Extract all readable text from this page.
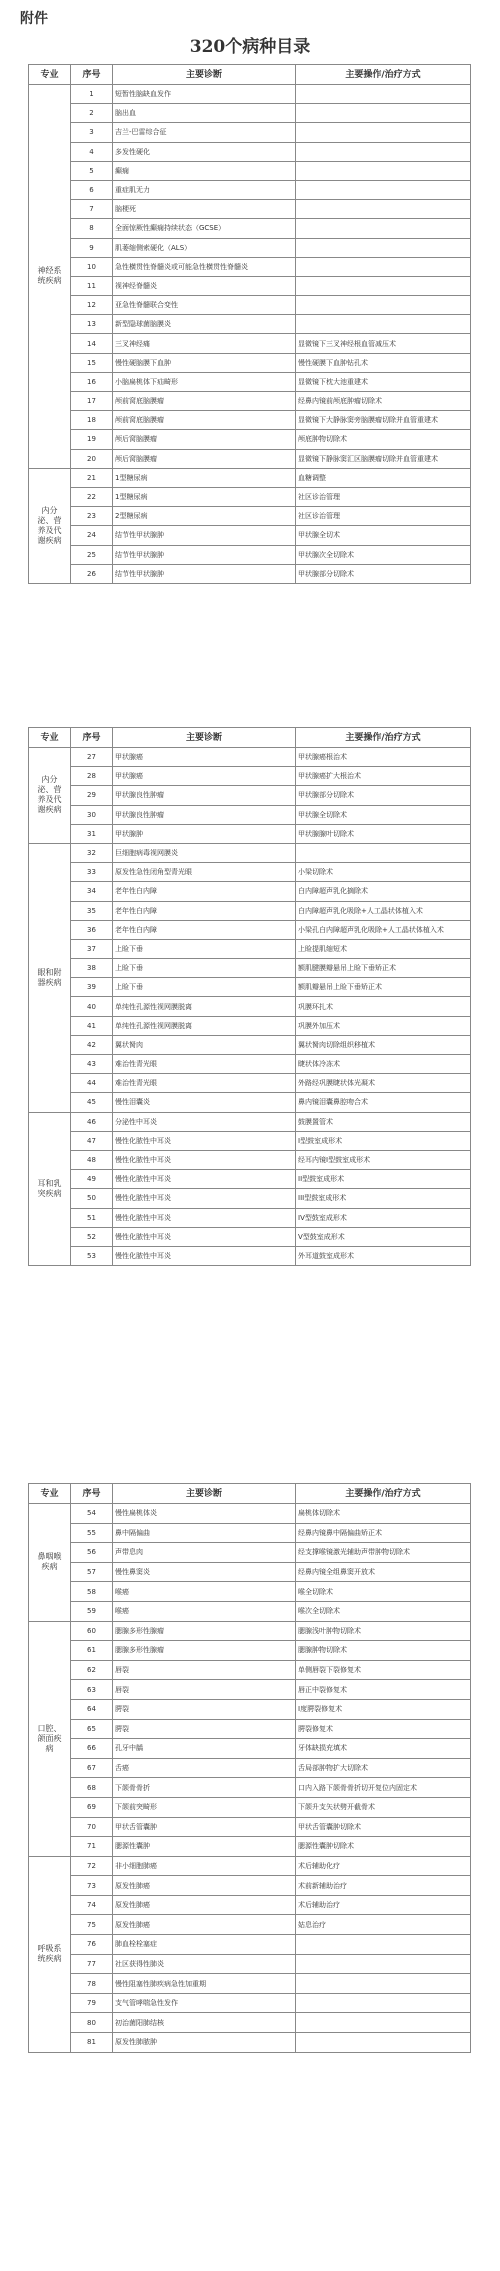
附件
320个病种目录
专业	序号	主要诊断	主要操作/治疗方式
神经系统疾病	1	短暂性脑缺血发作	
	2	脑出血	
	3	吉兰-巴雷综合征	
	4	多发性硬化	
	5	癫痫	
	6	重症肌无力	
	7	脑梗死	
	8	全面惊厥性癫痫持续状态（GCSE）	
	9	肌萎缩侧索硬化（ALS）	
	10	急性横贯性脊髓炎或可能急性横贯性脊髓炎	
	11	视神经脊髓炎	
	12	亚急性脊髓联合变性	
	13	新型隐球菌脑膜炎	
	14	三叉神经痛	显微镜下三叉神经根血管减压术
	15	慢性硬脑膜下血肿	慢性硬膜下血肿钻孔术
	16	小脑扁桃体下疝畸形	显微镜下枕大池重建术
	17	颅前窝底脑膜瘤	经鼻内镜前颅底肿瘤切除术
	18	颅前窝底脑膜瘤	显微镜下大静脉窦旁脑膜瘤切除并血管重建术
	19	颅后窝脑膜瘤	颅底肿物切除术
	20	颅后窝脑膜瘤	显微镜下静脉窦汇区脑膜瘤切除并血管重建术
内分泌、营养及代谢疾病	21	1型糖尿病	血糖调整
	22	1型糖尿病	社区诊治管理
	23	2型糖尿病	社区诊治管理
	24	结节性甲状腺肿	甲状腺全切术
	25	结节性甲状腺肿	甲状腺次全切除术
	26	结节性甲状腺肿	甲状腺部分切除术
专业	序号	主要诊断	主要操作/治疗方式
内分泌、营养及代谢疾病	27	甲状腺癌	甲状腺癌根治术
	28	甲状腺癌	甲状腺癌扩大根治术
	29	甲状腺良性肿瘤	甲状腺部分切除术
	30	甲状腺良性肿瘤	甲状腺全切除术
	31	甲状腺肿	甲状腺腺叶切除术
眼和附器疾病	32	巨细胞病毒视网膜炎	
	33	原发性急性闭角型青光眼	小梁切除术
	34	老年性白内障	白内障超声乳化摘除术
	35	老年性白内障	白内障超声乳化吸除+人工晶状体植入术
	36	老年性白内障	小梁孔白内障超声乳化吸除+人工晶状体植入术
	37	上睑下垂	上睑提肌缩短术
	38	上睑下垂	额肌腱膜瓣悬吊上睑下垂矫正术
	39	上睑下垂	额肌瓣悬吊上睑下垂矫正术
	40	单纯性孔源性视网膜脱离	巩膜环扎术
	41	单纯性孔源性视网膜脱离	巩膜外加压术
	42	翼状胬肉	翼状胬肉切除组织移植术
	43	难治性青光眼	睫状体冷冻术
	44	难治性青光眼	外路经巩膜睫状体光凝术
	45	慢性泪囊炎	鼻内镜泪囊鼻腔吻合术
耳和乳突疾病	46	分泌性中耳炎	鼓膜置管术
	47	慢性化脓性中耳炎	I型鼓室成形术
	48	慢性化脓性中耳炎	经耳内镜I型鼓室成形术
	49	慢性化脓性中耳炎	II型鼓室成形术
	50	慢性化脓性中耳炎	III型鼓室成形术
	51	慢性化脓性中耳炎	IV型鼓室成形术
	52	慢性化脓性中耳炎	V型鼓室成形术
	53	慢性化脓性中耳炎	外耳道鼓室成形术
专业	序号	主要诊断	主要操作/治疗方式
鼻咽喉疾病	54	慢性扁桃体炎	扁桃体切除术
	55	鼻中隔偏曲	经鼻内镜鼻中隔偏曲矫正术
	56	声带息肉	经支撑喉镜激光辅助声带肿物切除术
	57	慢性鼻窦炎	经鼻内镜全组鼻窦开放术
	58	喉癌	喉全切除术
	59	喉癌	喉次全切除术
口腔、颌面疾病	60	腮腺多形性腺瘤	腮腺浅叶肿物切除术
	61	腮腺多形性腺瘤	腮腺肿物切除术
	62	唇裂	单侧唇裂下裂修复术
	63	唇裂	唇正中裂修复术
	64	腭裂	I度腭裂修复术
	65	腭裂	腭裂修复术
	66	孔牙中龋	牙体缺损充填术
	67	舌癌	舌局部肿物扩大切除术
	68	下颌骨骨折	口内入路下颌骨骨折切开复位内固定术
	69	下颌前突畸形	下颌升支矢状劈开截骨术
	70	甲状舌管囊肿	甲状舌管囊肿切除术
	71	腮源性囊肿	腮源性囊肿切除术
呼吸系统疾病	72	非小细胞肺癌	术后辅助化疗
	73	原发性肺癌	术前新辅助治疗
	74	原发性肺癌	术后辅助治疗
	75	原发性肺癌	姑息治疗
	76	肺血栓栓塞症	
	77	社区获得性肺炎	
	78	慢性阻塞性肺疾病急性加重期	
	79	支气管哮喘急性发作	
	80	初治菌阳肺结核	
	81	原发性肺脓肿	
